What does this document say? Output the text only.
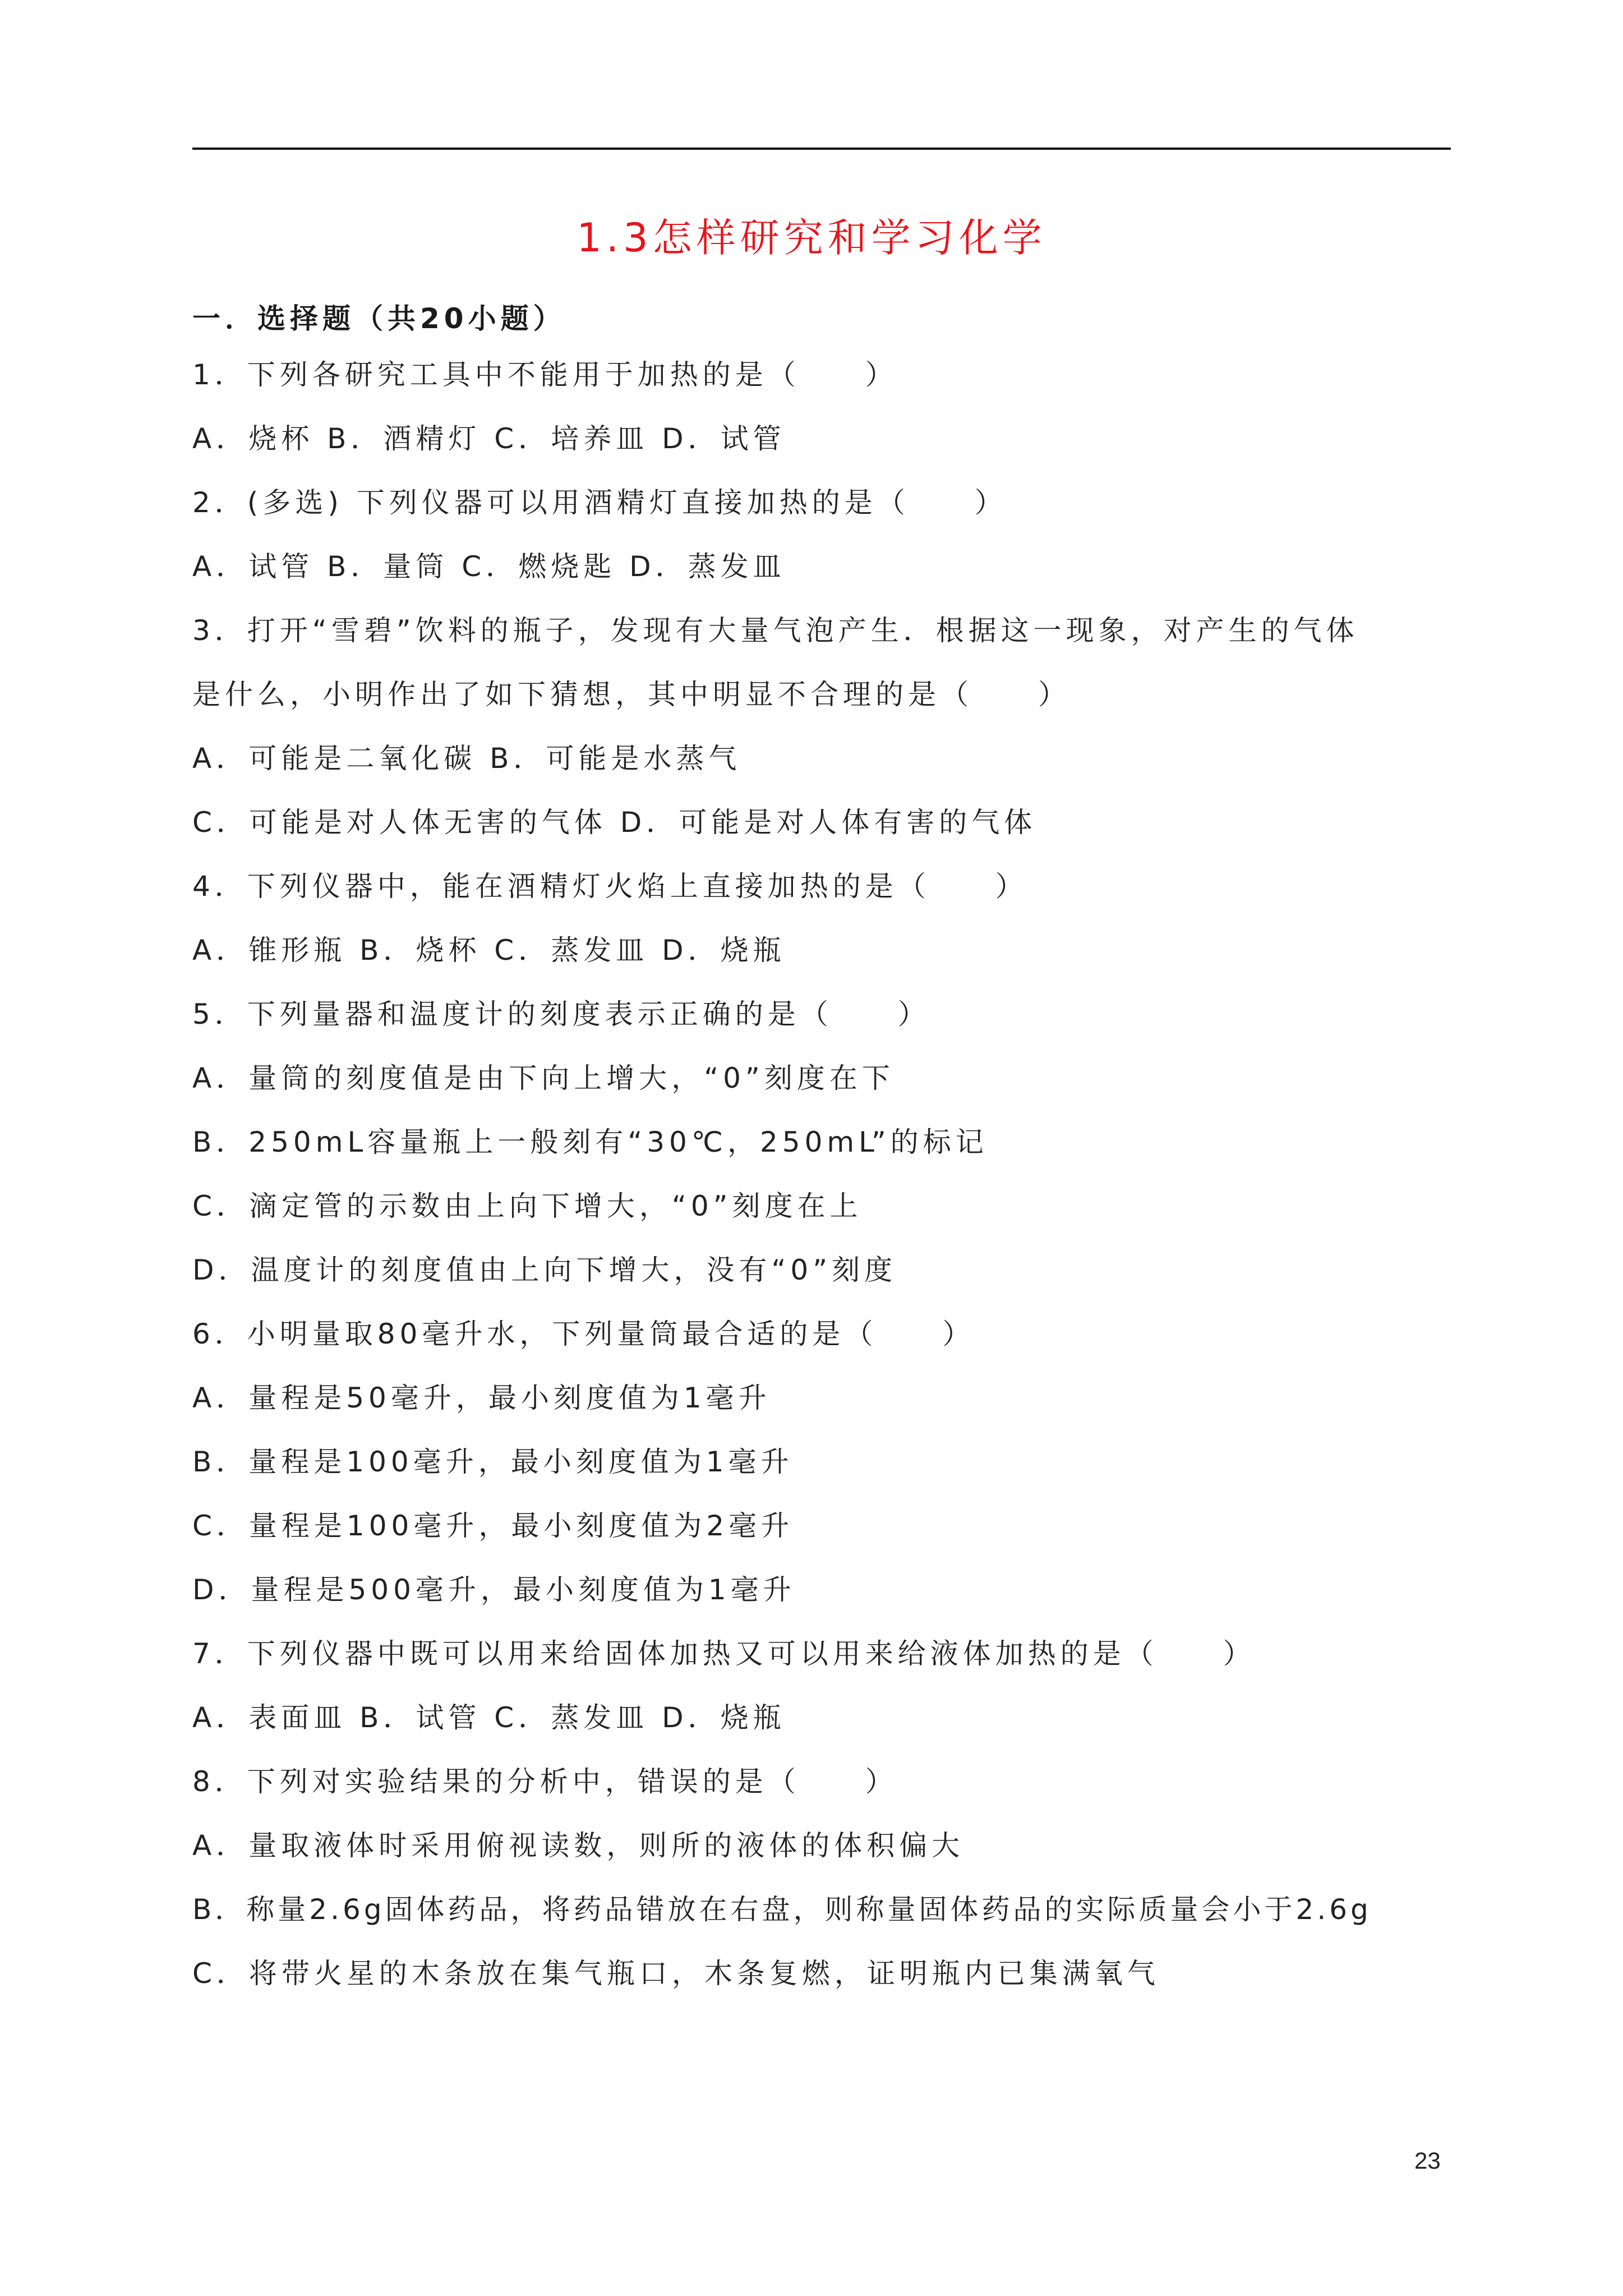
1.3怎样研究和学习化学
一．选择题（共20小题）
1．下列各研究工具中不能用于加热的是（　　）
A．烧杯 B．酒精灯 C．培养皿 D．试管
2．(多选) 下列仪器可以用酒精灯直接加热的是（　　）
A．试管 B．量筒 C．燃烧匙 D．蒸发皿
3．打开“雪碧”饮料的瓶子，发现有大量气泡产生．根据这一现象，对产生的气体
是什么，小明作出了如下猜想，其中明显不合理的是（　　）
A．可能是二氧化碳 B．可能是水蒸气
C．可能是对人体无害的气体 D．可能是对人体有害的气体
4．下列仪器中，能在酒精灯火焰上直接加热的是（　　）
A．锥形瓶 B．烧杯 C．蒸发皿 D．烧瓶
5．下列量器和温度计的刻度表示正确的是（　　）
A．量筒的刻度值是由下向上增大，“0”刻度在下
B．250mL容量瓶上一般刻有“30℃，250mL”的标记
C．滴定管的示数由上向下增大，“0”刻度在上
D．温度计的刻度值由上向下增大，没有“0”刻度
6．小明量取80毫升水，下列量筒最合适的是（　　）
A．量程是50毫升，最小刻度值为1毫升
B．量程是100毫升，最小刻度值为1毫升
C．量程是100毫升，最小刻度值为2毫升
D．量程是500毫升，最小刻度值为1毫升
7．下列仪器中既可以用来给固体加热又可以用来给液体加热的是（　　）
A．表面皿 B．试管 C．蒸发皿 D．烧瓶
8．下列对实验结果的分析中，错误的是（　　）
A．量取液体时采用俯视读数，则所的液体的体积偏大
B．称量2.6g固体药品，将药品错放在右盘，则称量固体药品的实际质量会小于2.6g
C．将带火星的木条放在集气瓶口，木条复燃，证明瓶内已集满氧气
23
